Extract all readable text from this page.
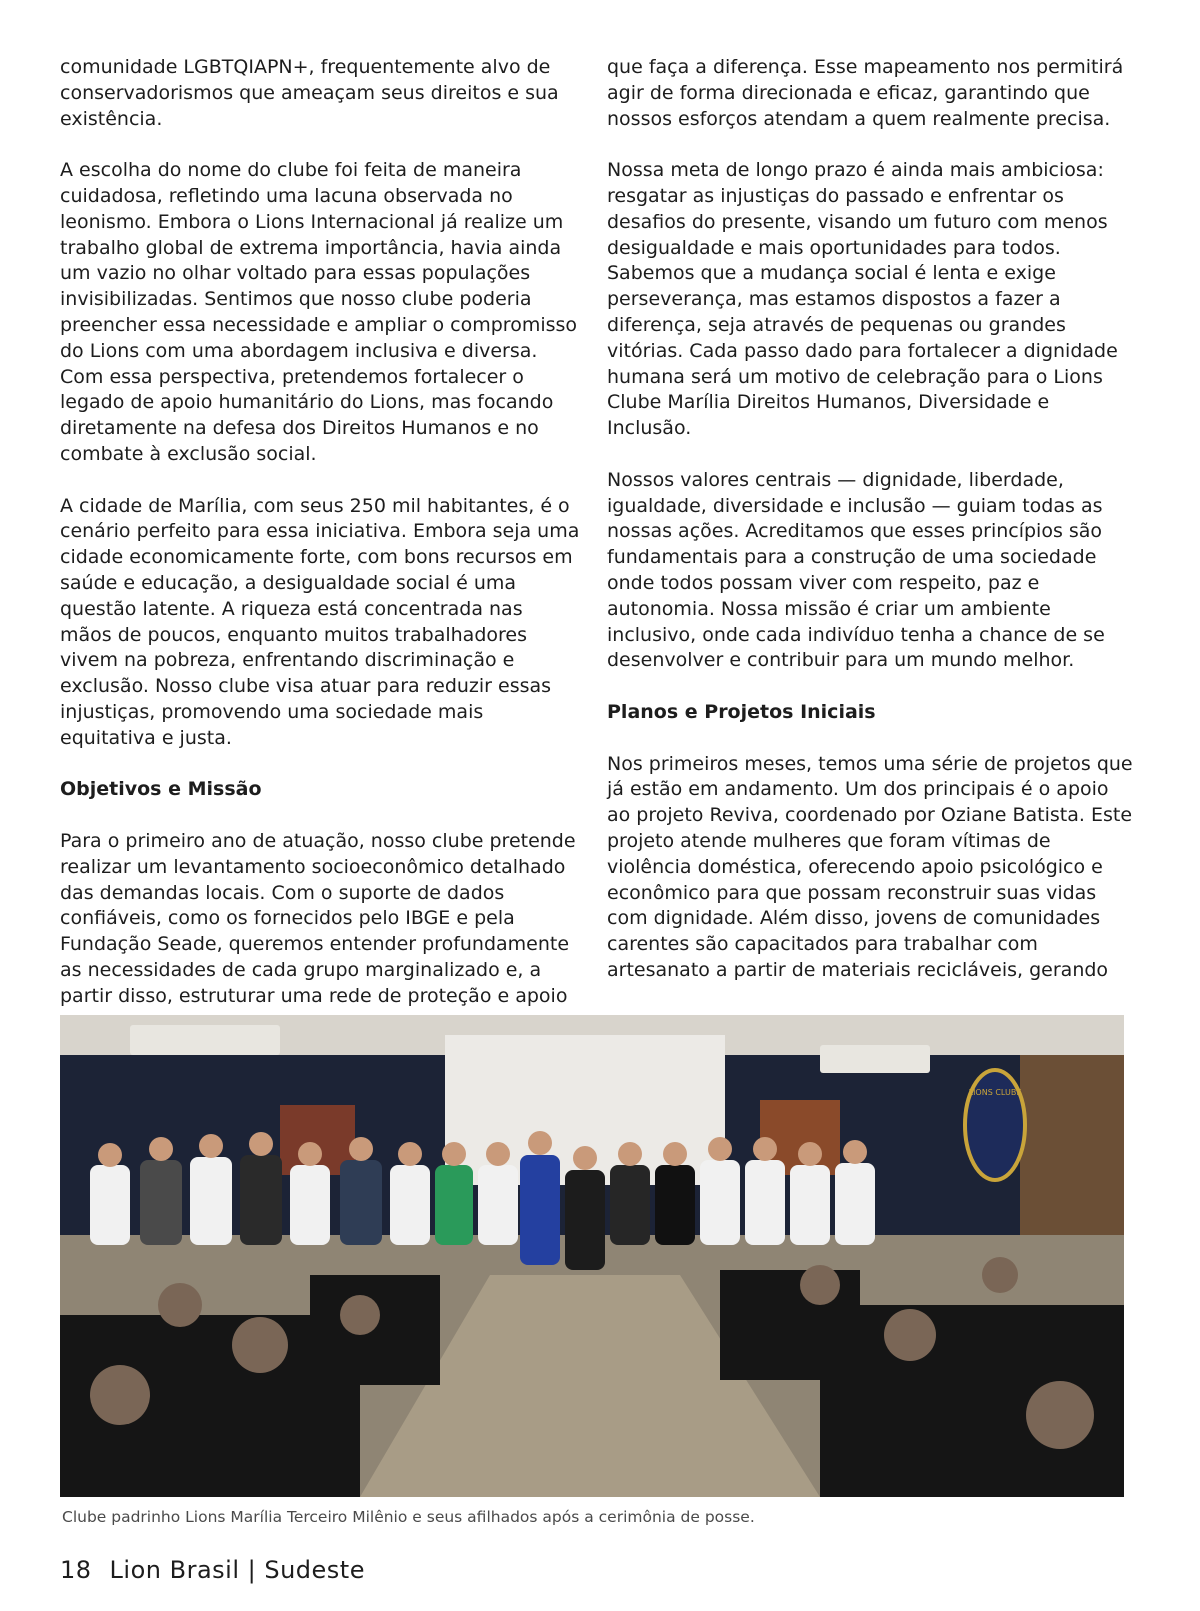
comunidade LGBTQIAPN+, frequentemente alvo de conservadorismos que ameaçam seus direitos e sua existência.

A escolha do nome do clube foi feita de maneira cuidadosa, refletindo uma lacuna observada no leonismo. Embora o Lions Internacional já realize um trabalho global de extrema importância, havia ainda um vazio no olhar voltado para essas populações invisibilizadas. Sentimos que nosso clube poderia preencher essa necessidade e ampliar o compromisso do Lions com uma abordagem inclusiva e diversa. Com essa perspectiva, pretendemos fortalecer o legado de apoio humanitário do Lions, mas focando diretamente na defesa dos Direitos Humanos e no combate à exclusão social.

A cidade de Marília, com seus 250 mil habitantes, é o cenário perfeito para essa iniciativa. Embora seja uma cidade economicamente forte, com bons recursos em saúde e educação, a desigualdade social é uma questão latente. A riqueza está concentrada nas mãos de poucos, enquanto muitos trabalhadores vivem na pobreza, enfrentando discriminação e exclusão. Nosso clube visa atuar para reduzir essas injustiças, promovendo uma sociedade mais equitativa e justa.

Objetivos e Missão

Para o primeiro ano de atuação, nosso clube pretende realizar um levantamento socioeconômico detalhado das demandas locais. Com o suporte de dados confiáveis, como os fornecidos pelo IBGE e pela Fundação Seade, queremos entender profundamente as necessidades de cada grupo marginalizado e, a partir disso, estruturar uma rede de proteção e apoio

que faça a diferença. Esse mapeamento nos permitirá agir de forma direcionada e eficaz, garantindo que nossos esforços atendam a quem realmente precisa.

Nossa meta de longo prazo é ainda mais ambiciosa: resgatar as injustiças do passado e enfrentar os desafios do presente, visando um futuro com menos desigualdade e mais oportunidades para todos. Sabemos que a mudança social é lenta e exige perseverança, mas estamos dispostos a fazer a diferença, seja através de pequenas ou grandes vitórias. Cada passo dado para fortalecer a dignidade humana será um motivo de celebração para o Lions Clube Marília Direitos Humanos, Diversidade e Inclusão.

Nossos valores centrais — dignidade, liberdade, igualdade, diversidade e inclusão — guiam todas as nossas ações. Acreditamos que esses princípios são fundamentais para a construção de uma sociedade onde todos possam viver com respeito, paz e autonomia. Nossa missão é criar um ambiente inclusivo, onde cada indivíduo tenha a chance de se desenvolver e contribuir para um mundo melhor.

Planos e Projetos Iniciais

Nos primeiros meses, temos uma série de projetos que já estão em andamento. Um dos principais é o apoio ao projeto Reviva, coordenado por Oziane Batista. Este projeto atende mulheres que foram vítimas de violência doméstica, oferecendo apoio psicológico e econômico para que possam reconstruir suas vidas com dignidade. Além disso, jovens de comunidades carentes são capacitados para trabalhar com artesanato a partir de materiais recicláveis, gerando

LIONS CLUBE
Clube padrinho Lions Marília Terceiro Milênio e seus afilhados após a cerimônia de posse.
18 Lion Brasil | Sudeste
